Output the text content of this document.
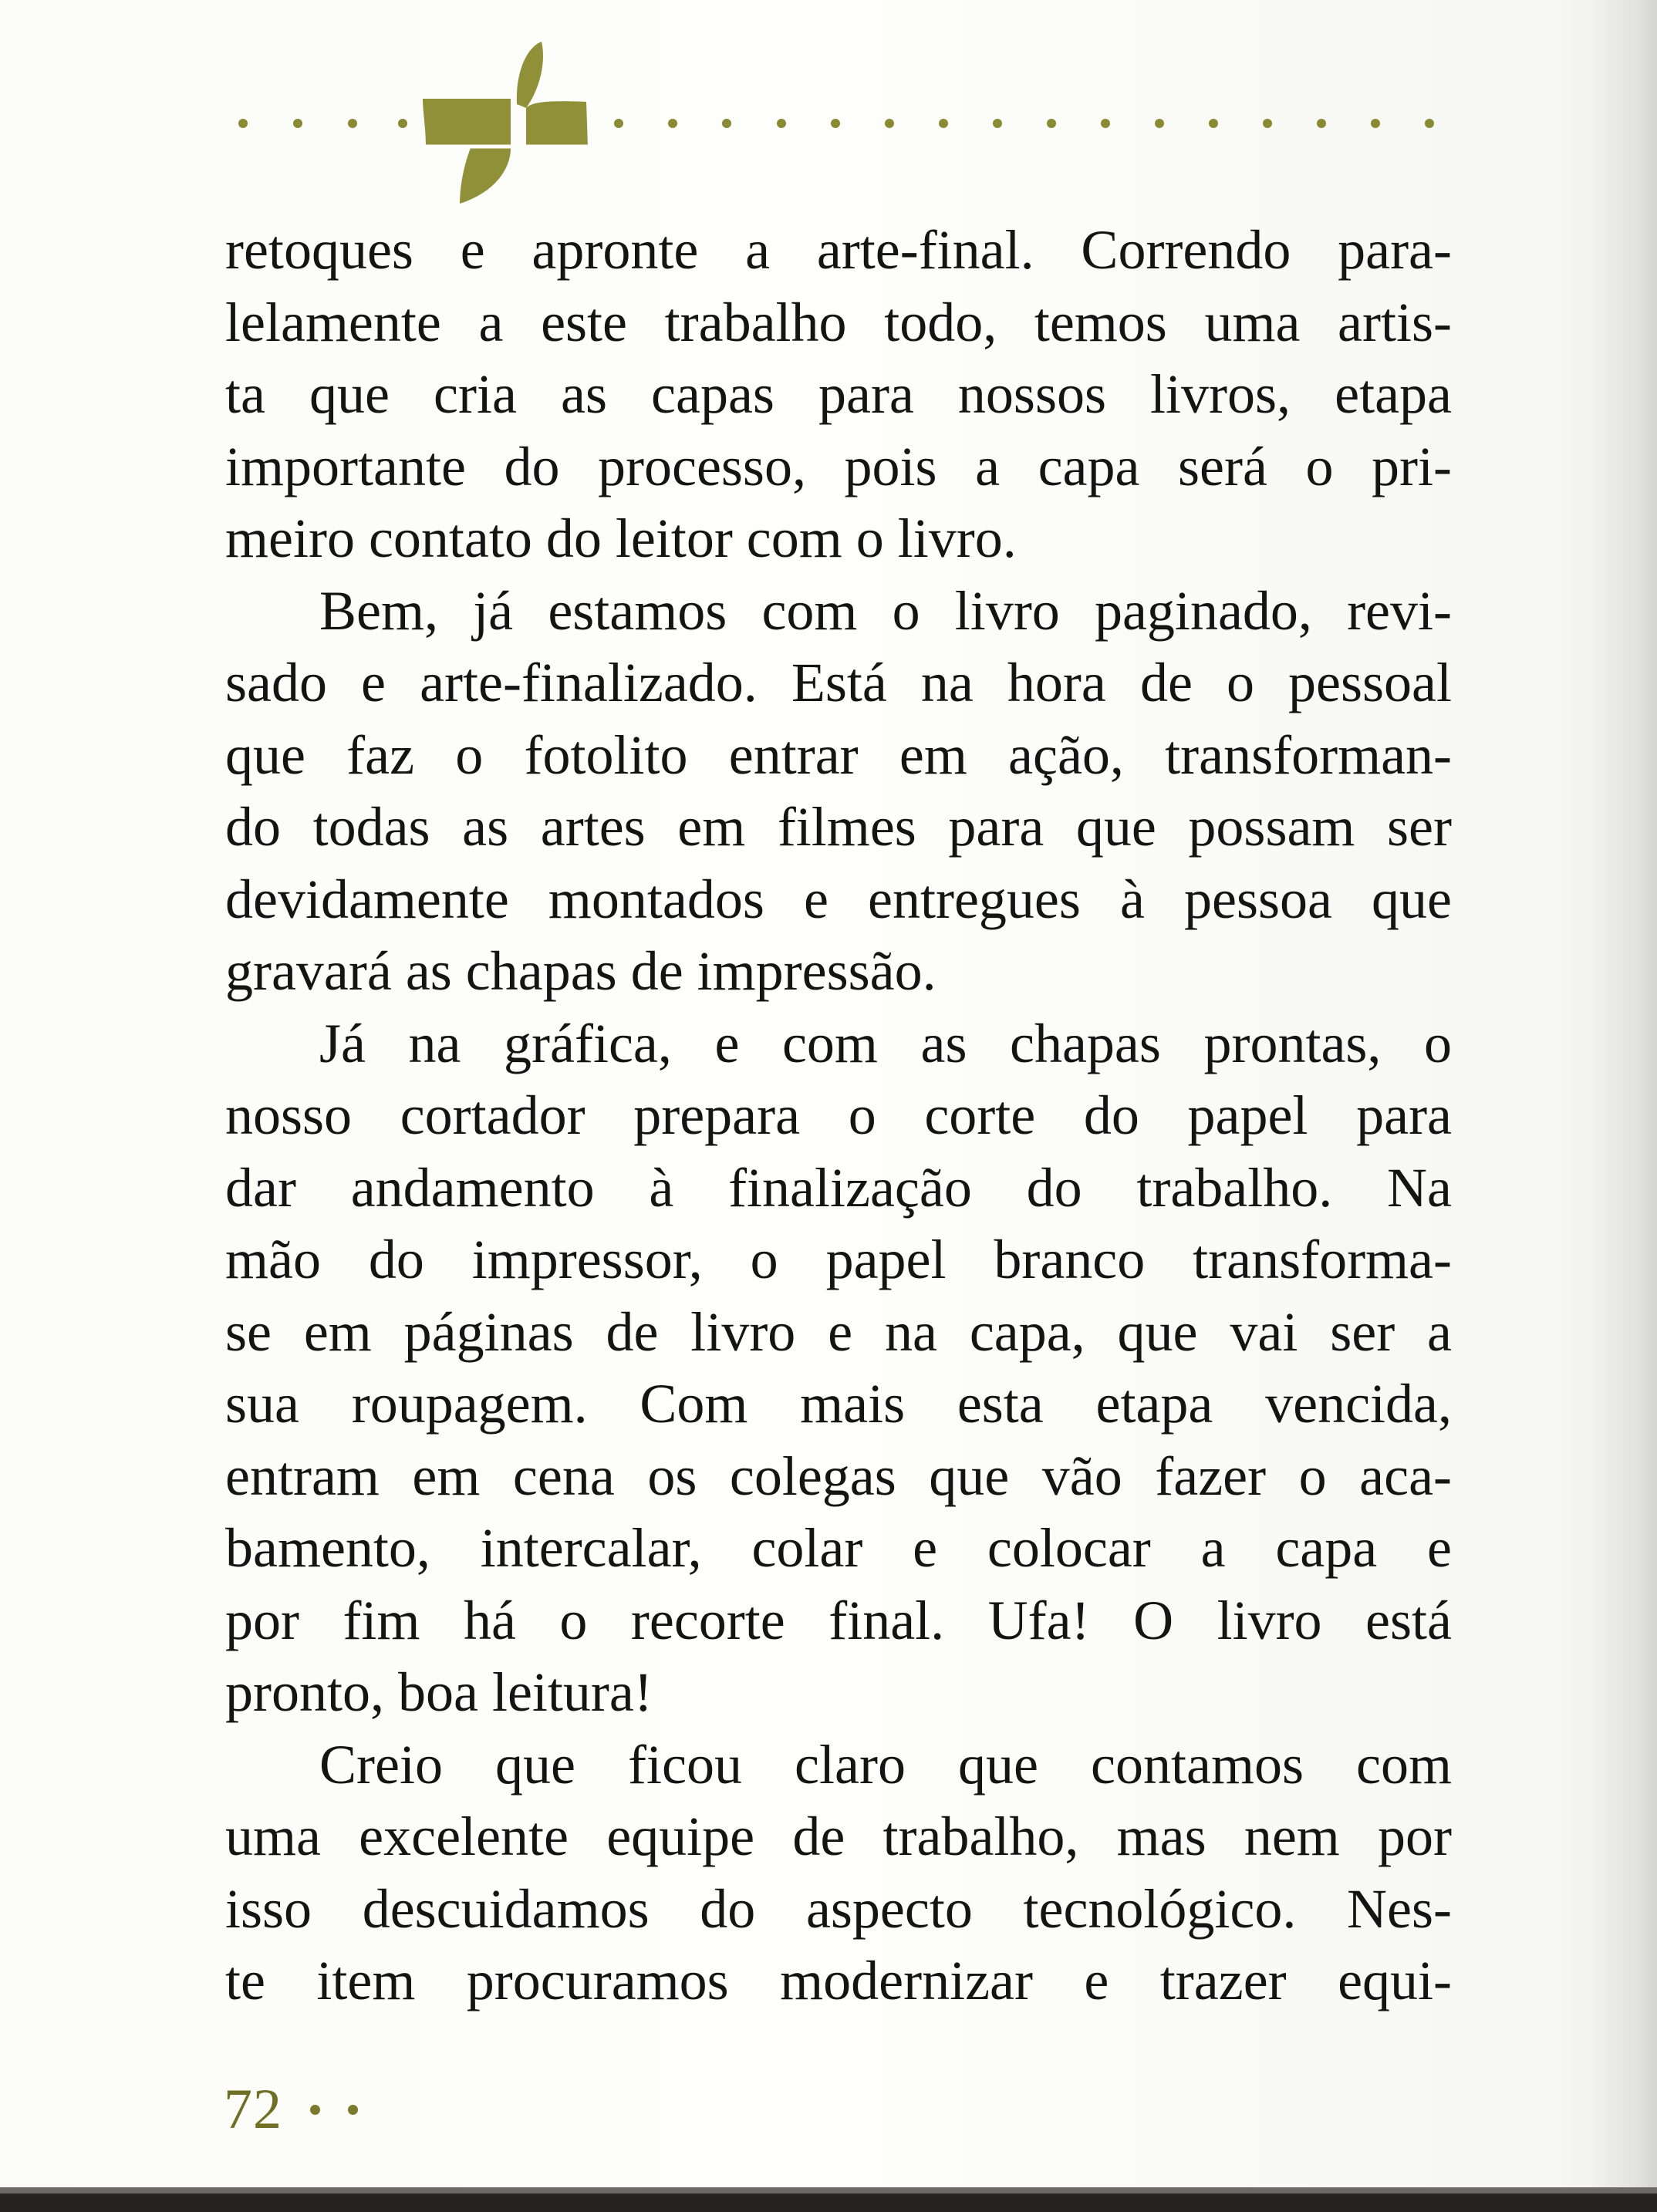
retoques e apronte a arte-final. Correndo para-
lelamente a este trabalho todo, temos uma artis-
ta que cria as capas para nossos livros, etapa
importante do processo, pois a capa será o pri-
meiro contato do leitor com o livro.
Bem, já estamos com o livro paginado, revi-
sado e arte-finalizado. Está na hora de o pessoal
que faz o fotolito entrar em ação, transforman-
do todas as artes em filmes para que possam ser
devidamente montados e entregues à pessoa que
gravará as chapas de impressão.
Já na gráfica, e com as chapas prontas, o
nosso cortador prepara o corte do papel para
dar andamento à finalização do trabalho. Na
mão do impressor, o papel branco transforma-
se em páginas de livro e na capa, que vai ser a
sua roupagem. Com mais esta etapa vencida,
entram em cena os colegas que vão fazer o aca-
bamento, intercalar, colar e colocar a capa e
por fim há o recorte final. Ufa! O livro está
pronto, boa leitura!
Creio que ficou claro que contamos com
uma excelente equipe de trabalho, mas nem por
isso descuidamos do aspecto tecnológico. Nes-
te item procuramos modernizar e trazer equi-
72
